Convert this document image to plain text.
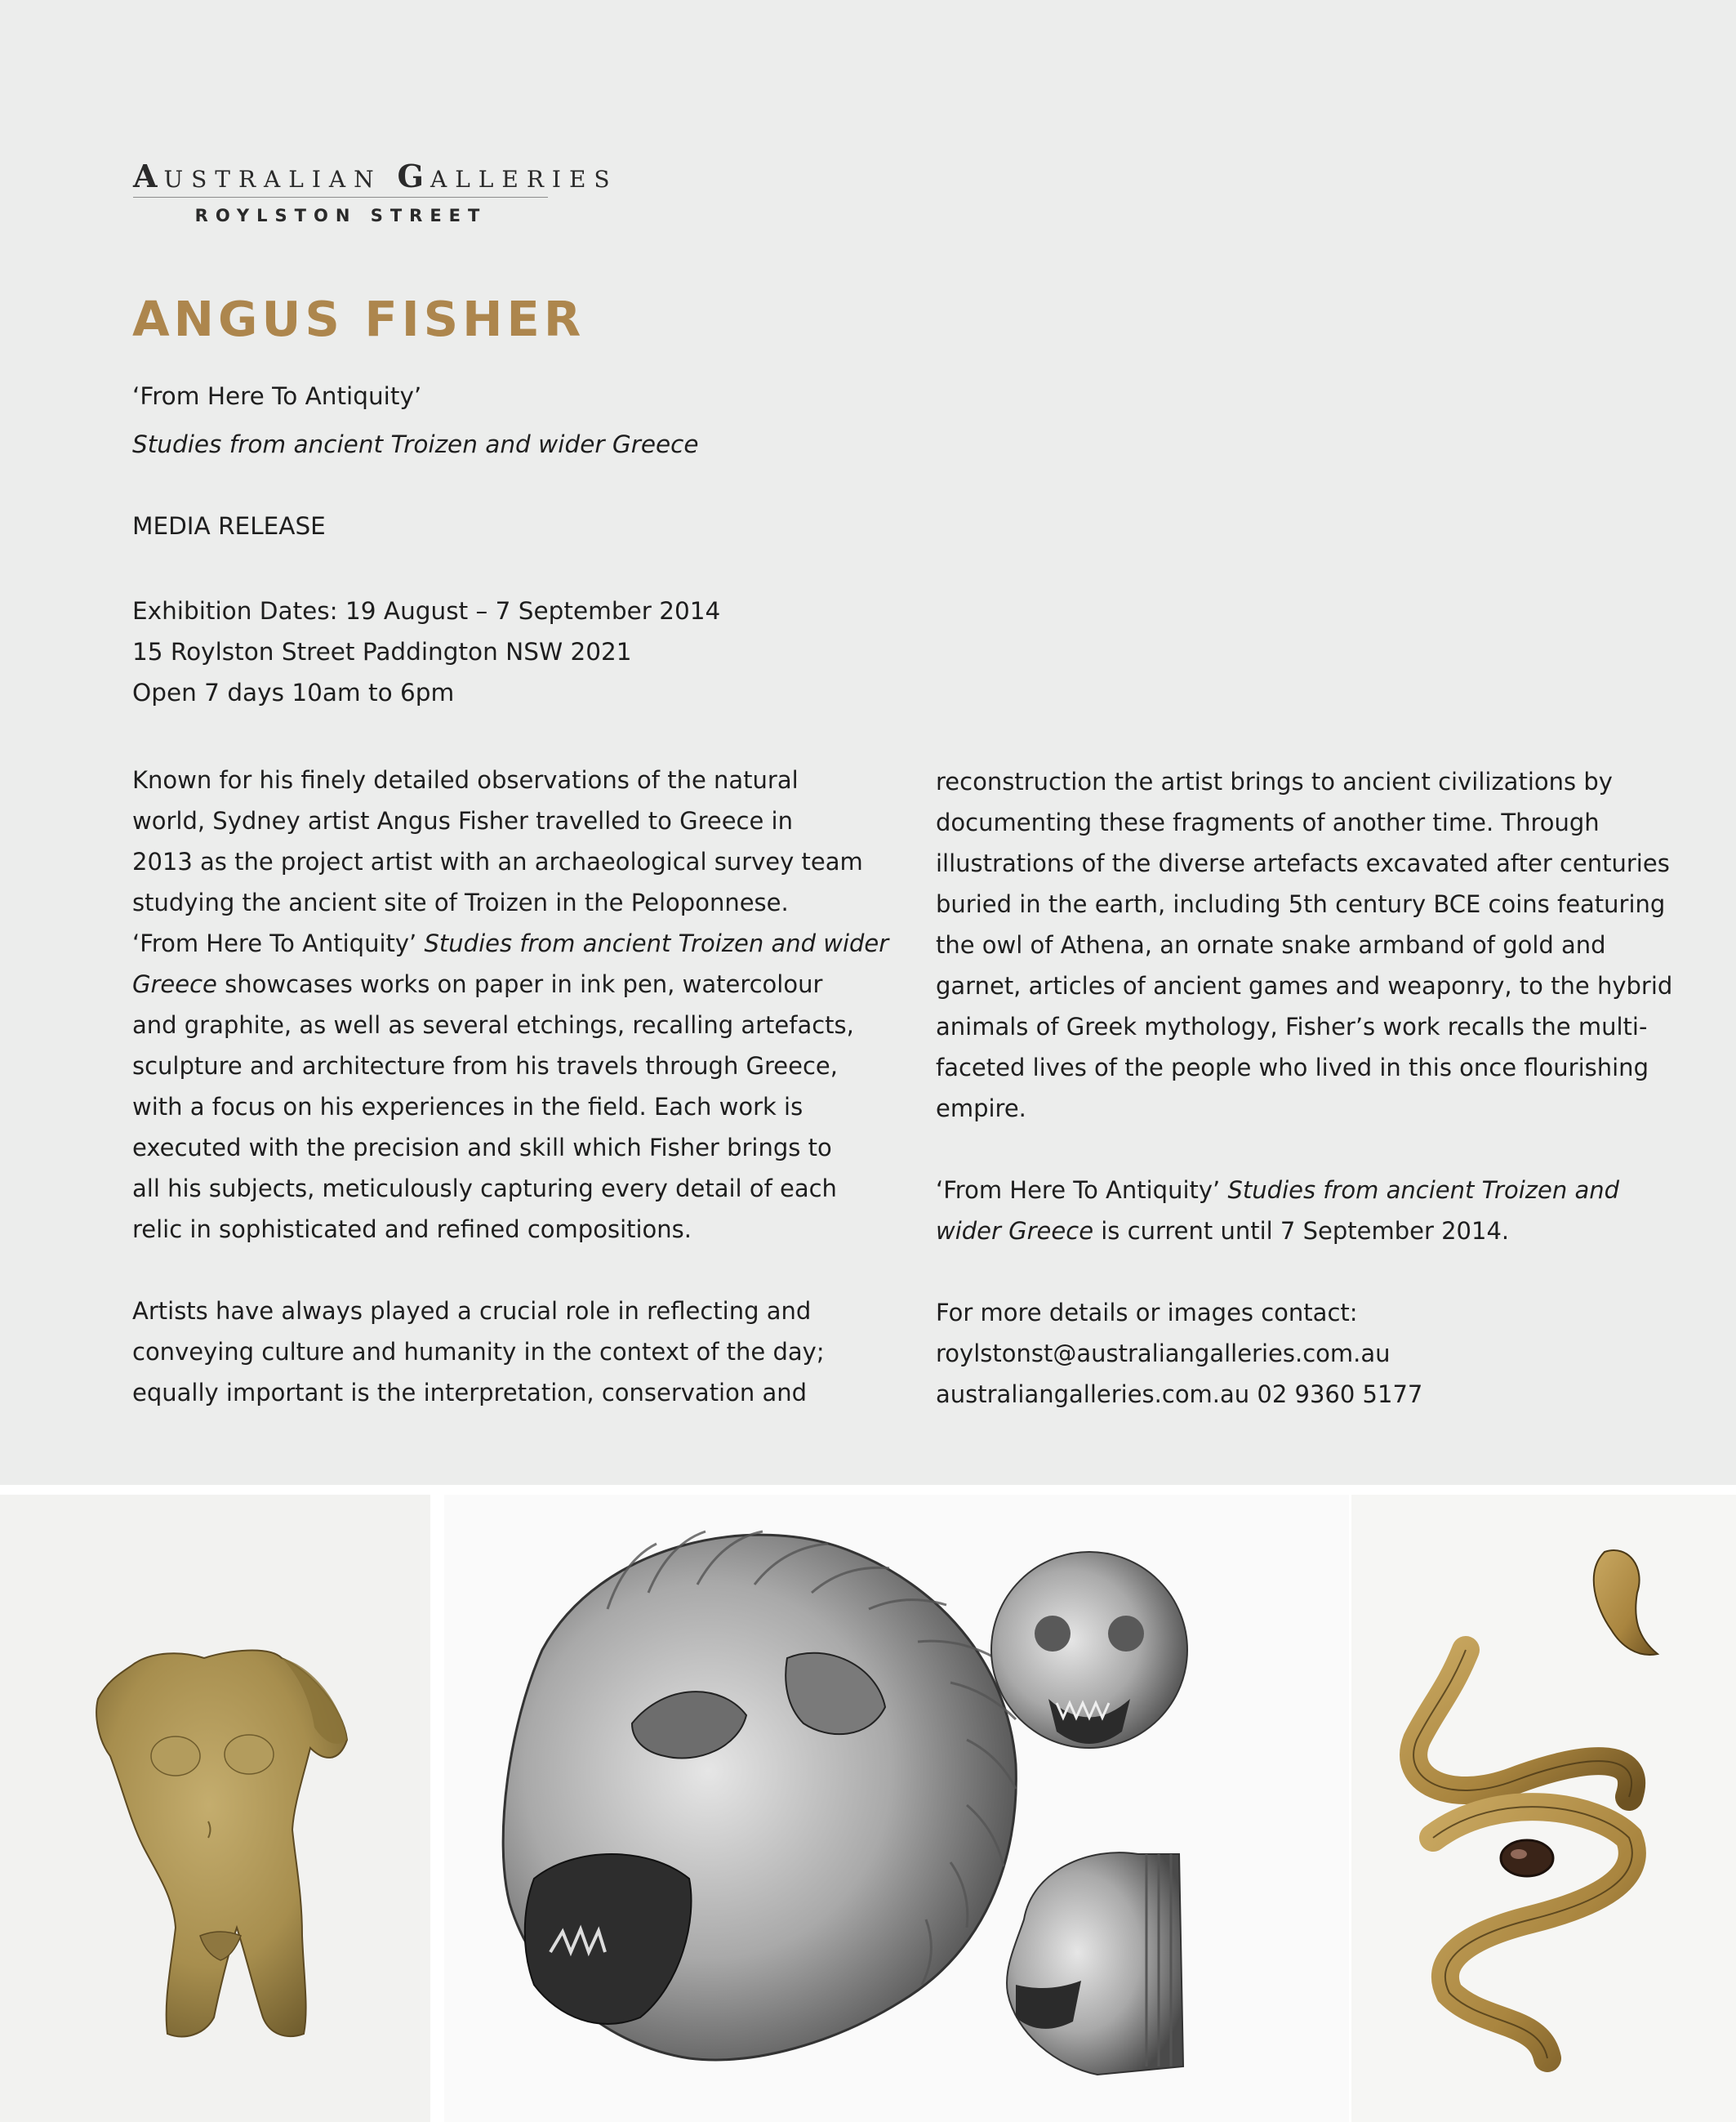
AUSTRALIAN GALLERIES
ROYLSTON STREET
ANGUS FISHER
‘From Here To Antiquity’
Studies from ancient Troizen and wider Greece
MEDIA RELEASE
Exhibition Dates: 19 August – 7 September 2014
15 Roylston Street Paddington NSW 2021
Open 7 days 10am to 6pm

Known for his finely detailed observations of the natural

world, Sydney artist Angus Fisher travelled to Greece in

2013 as the project artist with an archaeological survey team

studying the ancient site of Troizen in the Peloponnese.

‘From Here To Antiquity’ Studies from ancient Troizen and wider

Greece showcases works on paper in ink pen, watercolour

and graphite, as well as several etchings, recalling artefacts,

sculpture and architecture from his travels through Greece,

with a focus on his experiences in the field. Each work is

executed with the precision and skill which Fisher brings to

all his subjects, meticulously capturing every detail of each

relic in sophisticated and refined compositions.

Artists have always played a crucial role in reflecting and

conveying culture and humanity in the context of the day;

equally important is the interpretation, conservation and

reconstruction the artist brings to ancient civilizations by

documenting these fragments of another time. Through

illustrations of the diverse artefacts excavated after centuries

buried in the earth, including 5th century BCE coins featuring

the owl of Athena, an ornate snake armband of gold and

garnet, articles of ancient games and weaponry, to the hybrid

animals of Greek mythology, Fisher’s work recalls the multi-

faceted lives of the people who lived in this once flourishing

empire.

‘From Here To Antiquity’ Studies from ancient Troizen and

wider Greece is current until 7 September 2014.

For more details or images contact:

roylstonst@australiangalleries.com.au

australiangalleries.com.au 02 9360 5177
